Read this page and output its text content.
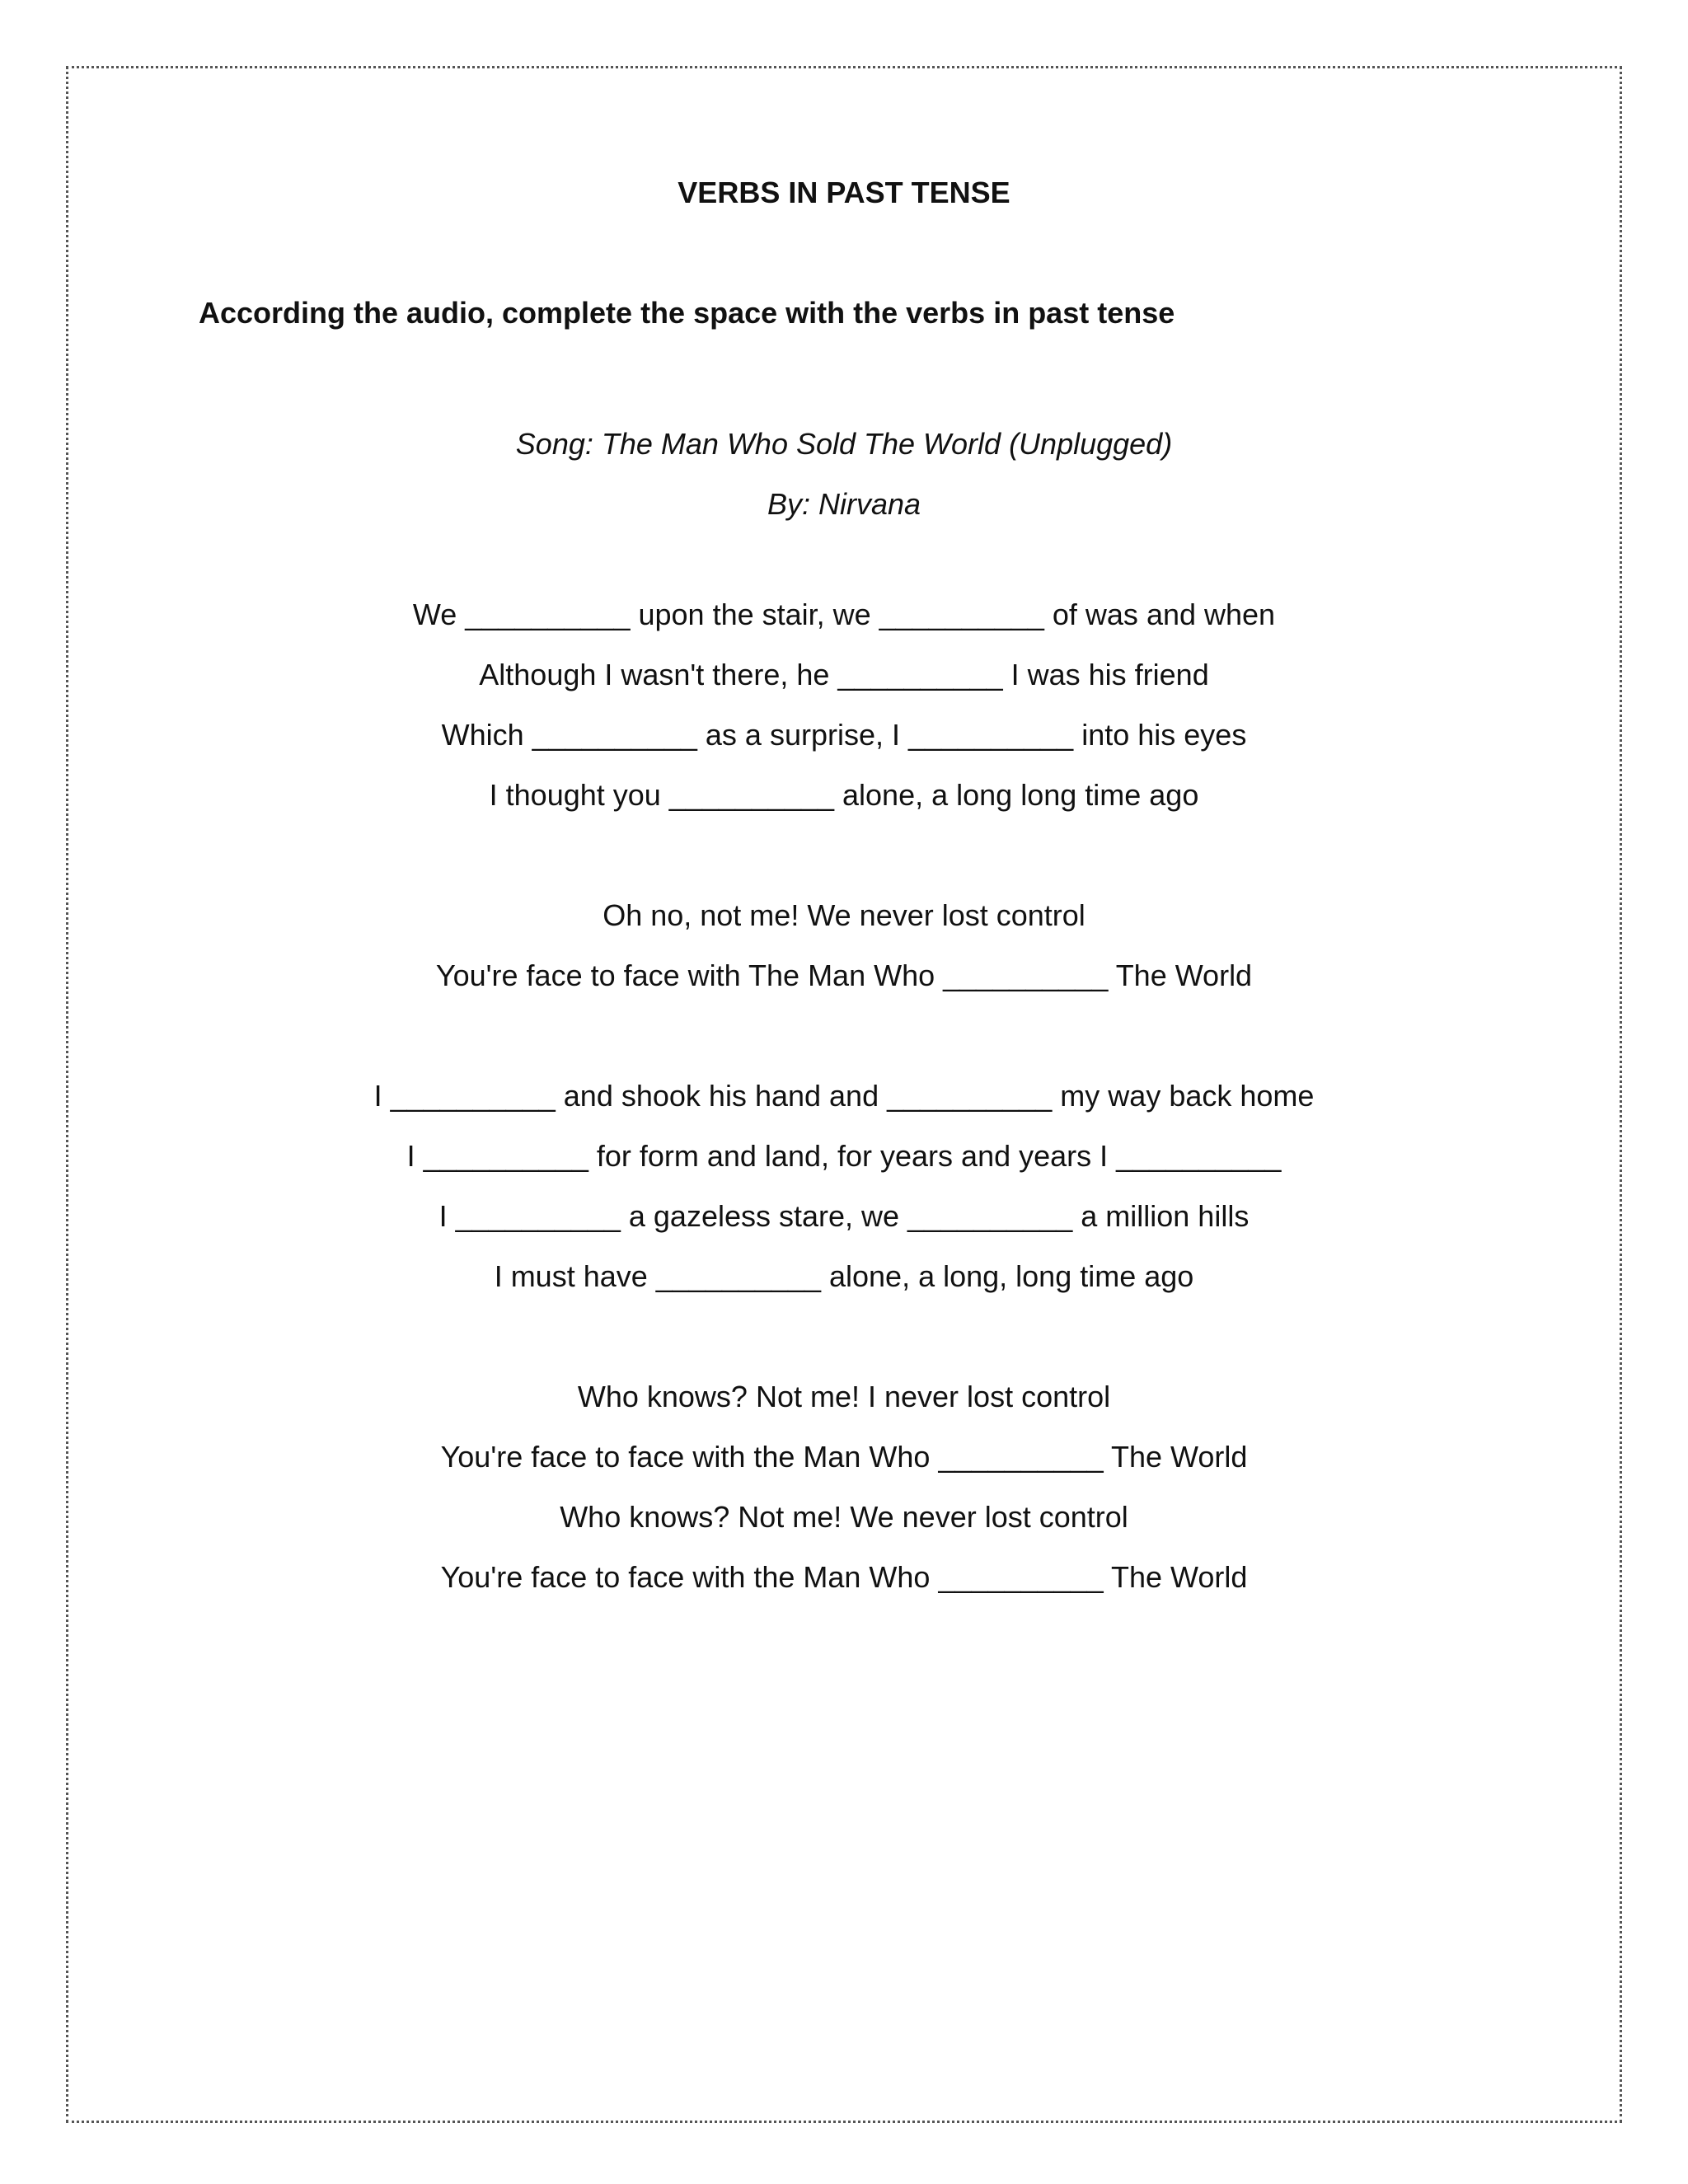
VERBS IN PAST TENSE
According the audio, complete the space with the verbs in past tense
Song: The Man Who Sold The World (Unplugged)
By: Nirvana
We __________ upon the stair, we __________ of was and when
Although I wasn't there, he __________ I was his friend
Which __________ as a surprise, I __________ into his eyes
I thought you __________ alone, a long long time ago
Oh no, not me! We never lost control
You're face to face with The Man Who __________ The World
I __________ and shook his hand and __________ my way back home
I __________ for form and land, for years and years I __________
I __________ a gazeless stare, we __________ a million hills
I must have __________ alone, a long, long time ago
Who knows? Not me! I never lost control
You're face to face with the Man Who __________ The World
Who knows? Not me! We never lost control
You're face to face with the Man Who __________ The World
